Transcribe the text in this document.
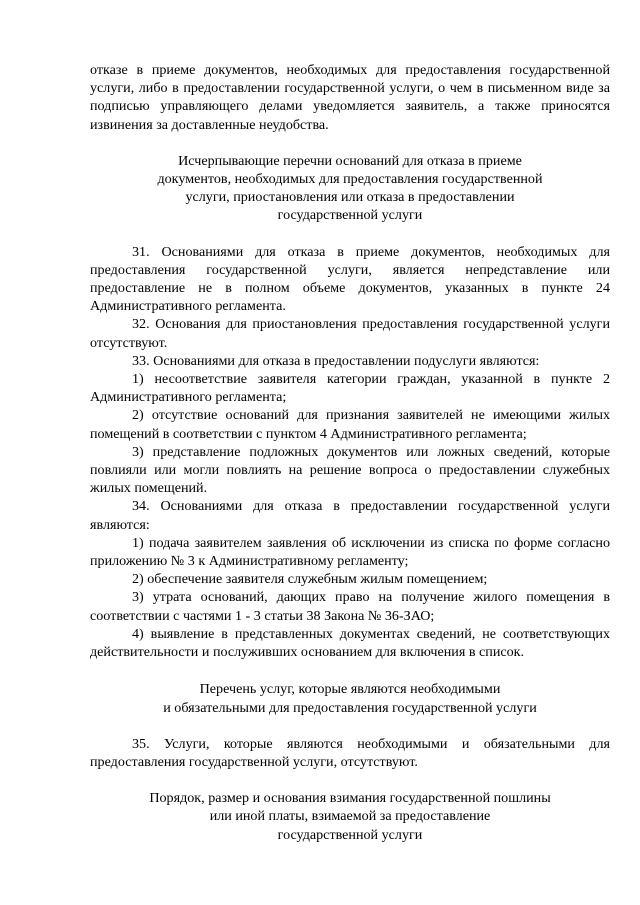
отказе в приеме документов, необходимых для предоставления государственной услуги, либо в предоставлении государственной услуги, о чем в письменном виде за подписью управляющего делами уведомляется заявитель, а также приносятся извинения за доставленные неудобства.

Исчерпывающие перечни оснований для отказа в приеме
документов, необходимых для предоставления государственной
услуги, приостановления или отказа в предоставлении
государственной услуги

31. Основаниями для отказа в приеме документов, необходимых для предоставления государственной услуги, является непредставление или предоставление не в полном объеме документов, указанных в пункте 24 Административного регламента.

32. Основания для приостановления предоставления государственной услуги отсутствуют.

33. Основаниями для отказа в предоставлении подуслуги являются:

1) несоответствие заявителя категории граждан, указанной в пункте 2 Административного регламента;

2) отсутствие оснований для признания заявителей не имеющими жилых помещений в соответствии с пунктом 4 Административного регламента;

3) представление подложных документов или ложных сведений, которые повлияли или могли повлиять на решение вопроса о предоставлении служебных жилых помещений.

34. Основаниями для отказа в предоставлении государственной услуги являются:

1) подача заявителем заявления об исключении из списка по форме согласно приложению № 3 к Административному регламенту;

2) обеспечение заявителя служебным жилым помещением;

3) утрата оснований, дающих право на получение жилого помещения в соответствии с частями 1 - 3 статьи 38 Закона № 36-ЗАО;

4) выявление в представленных документах сведений, не соответствующих действительности и послуживших основанием для включения в список.

Перечень услуг, которые являются необходимыми
и обязательными для предоставления государственной услуги

35. Услуги, которые являются необходимыми и обязательными для предоставления государственной услуги, отсутствуют.

Порядок, размер и основания взимания государственной пошлины
или иной платы, взимаемой за предоставление
государственной услуги
